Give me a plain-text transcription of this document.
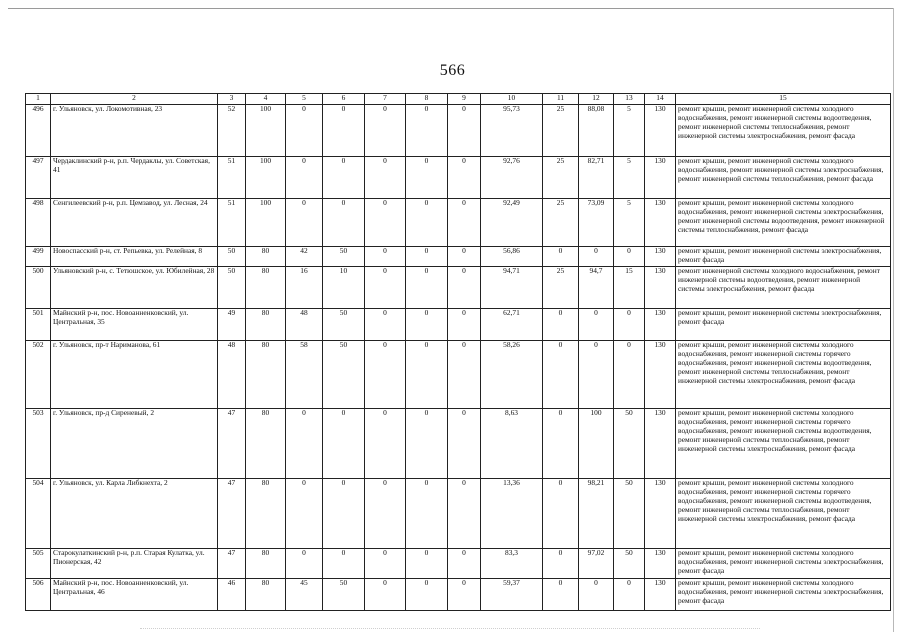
566
1	2	3	4	5	6	7	8	9	10	11	12	13	14	15
496	г. Ульяновск, ул. Локомотивная, 23	52	100	0	0	0	0	0	95,73	25	88,08	5	130	ремонт крыши, ремонт инженерной системы холодного водоснабжения, ремонт инженерной системы водоотведения, ремонт инженерной системы теплоснабжения, ремонт инженерной системы электроснабжения, ремонт фасада
497	Чердаклинский р-н, р.п. Чердаклы, ул. Советская, 41	51	100	0	0	0	0	0	92,76	25	82,71	5	130	ремонт крыши, ремонт инженерной системы холодного водоснабжения, ремонт инженерной системы электроснабжения, ремонт инженерной системы теплоснабжения, ремонт фасада
498	Сенгилеевский р-н, р.п. Цемзавод, ул. Лесная, 24	51	100	0	0	0	0	0	92,49	25	73,09	5	130	ремонт крыши, ремонт инженерной системы холодного водоснабжения, ремонт инженерной системы электроснабжения, ремонт инженерной системы водоотведения, ремонт инженерной системы теплоснабжения, ремонт фасада
499	Новоспасский р-н, ст. Репьевка, ул. Релейная, 8	50	80	42	50	0	0	0	56,86	0	0	0	130	ремонт крыши, ремонт инженерной системы электроснабжения, ремонт фасада
500	Ульяновский р-н, с. Тетюшское, ул. Юбилейная, 28	50	80	16	10	0	0	0	94,71	25	94,7	15	130	ремонт инженерной системы холодного водоснабжения, ремонт инженерной системы водоотведения, ремонт инженерной системы электроснабжения, ремонт фасада
501	Майнский р-н, пос. Новоанненковский, ул. Центральная, 35	49	80	48	50	0	0	0	62,71	0	0	0	130	ремонт крыши, ремонт инженерной системы электроснабжения, ремонт фасада
502	г. Ульяновск, пр-т Нариманова, 61	48	80	58	50	0	0	0	58,26	0	0	0	130	ремонт крыши, ремонт инженерной системы холодного водоснабжения, ремонт инженерной системы горячего водоснабжения, ремонт инженерной системы водоотведения, ремонт инженерной системы теплоснабжения, ремонт инженерной системы электроснабжения, ремонт фасада
503	г. Ульяновск, пр-д Сиреневый, 2	47	80	0	0	0	0	0	8,63	0	100	50	130	ремонт крыши, ремонт инженерной системы холодного водоснабжения, ремонт инженерной системы горячего водоснабжения, ремонт инженерной системы водоотведения, ремонт инженерной системы теплоснабжения, ремонт инженерной системы электроснабжения, ремонт фасада
504	г. Ульяновск, ул. Карла Либкнехта, 2	47	80	0	0	0	0	0	13,36	0	98,21	50	130	ремонт крыши, ремонт инженерной системы холодного водоснабжения, ремонт инженерной системы горячего водоснабжения, ремонт инженерной системы водоотведения, ремонт инженерной системы теплоснабжения, ремонт инженерной системы электроснабжения, ремонт фасада
505	Старокулаткинский р-н, р.п. Старая Кулатка, ул. Пионерская, 42	47	80	0	0	0	0	0	83,3	0	97,02	50	130	ремонт крыши, ремонт инженерной системы холодного водоснабжения, ремонт инженерной системы электроснабжения, ремонт фасада
506	Майнский р-н, пос. Новоанненковский, ул. Центральная, 46	46	80	45	50	0	0	0	59,37	0	0	0	130	ремонт крыши, ремонт инженерной системы холодного водоснабжения, ремонт инженерной системы электроснабжения, ремонт фасада
